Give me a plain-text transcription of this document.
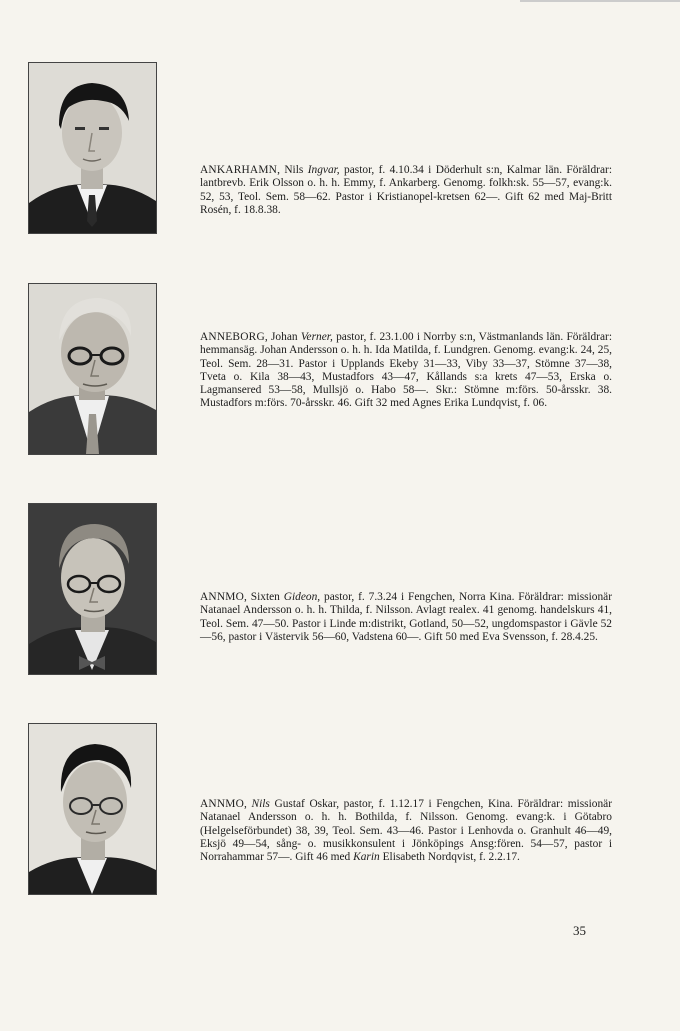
ANKARHAMN, Nils Ingvar, pastor, f. 4.10.34 i Döderhult s:n, Kalmar län. Föräldrar: lantbrevb. Erik Olsson o. h. h. Emmy, f. Ankarberg. Genomg. folkh:sk. 55—57, evang:k. 52, 53, Teol. Sem. 58—62. Pastor i Kristianopel-kretsen 62—. Gift 62 med Maj-Britt Rosén, f. 18.8.38.

ANNEBORG, Johan Verner, pastor, f. 23.1.00 i Norrby s:n, Västmanlands län. Föräldrar: hemmansäg. Johan Andersson o. h. h. Ida Matilda, f. Lundgren. Genomg. evang:k. 24, 25, Teol. Sem. 28—31. Pastor i Upplands Ekeby 31—33, Viby 33—37, Stömne 37—38, Tveta o. Kila 38—43, Mustadfors 43—47, Kållands s:a krets 47—53, Erska o. Lagmansered 53—58, Mullsjö o. Habo 58—. Skr.: Stömne m:förs. 50-årsskr. 38. Mustadfors m:förs. 70-årsskr. 46. Gift 32 med Agnes Erika Lundqvist, f. 06.

ANNMO, Sixten Gideon, pastor, f. 7.3.24 i Fengchen, Norra Kina. Föräldrar: missionär Natanael Andersson o. h. h. Thilda, f. Nilsson. Avlagt realex. 41 genomg. handelskurs 41, Teol. Sem. 47—50. Pastor i Linde m:distrikt, Gotland, 50—52, ungdomspastor i Gävle 52—56, pastor i Västervik 56—60, Vadstena 60—. Gift 50 med Eva Svensson, f. 28.4.25.

ANNMO, Nils Gustaf Oskar, pastor, f. 1.12.17 i Fengchen, Kina. Föräldrar: missionär Natanael Andersson o. h. h. Bothilda, f. Nilsson. Genomg. evang:k. i Götabro (Helgelseförbundet) 38, 39, Teol. Sem. 43—46. Pastor i Lenhovda o. Granhult 46—49, Eksjö 49—54, sång- o. musikkonsulent i Jönköpings Ansg:fören. 54—57, pastor i Norrahammar 57—. Gift 46 med Karin Elisabeth Nordqvist, f. 2.2.17.

35
